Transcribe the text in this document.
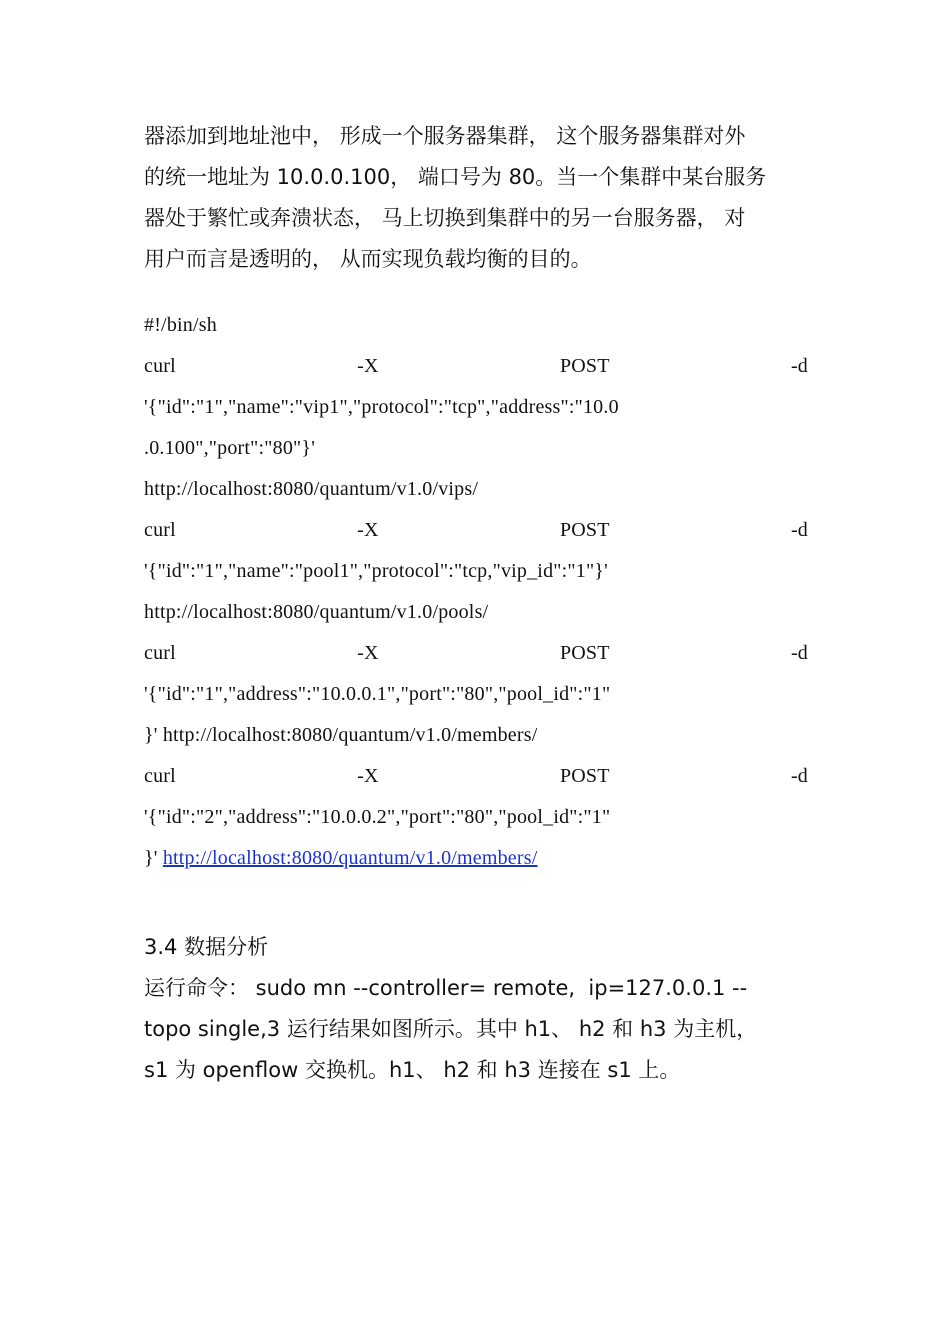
器添加到地址池中， 形成一个服务器集群， 这个服务器集群对外
的统一地址为 10.0.0.100， 端口号为 80。当一个集群中某台服务
器处于繁忙或奔溃状态， 马上切换到集群中的另一台服务器， 对
用户而言是透明的， 从而实现负载均衡的目的。
#!/bin/sh
curl	-X	POST	-d
'{"id":"1","name":"vip1","protocol":"tcp","address":"10.0
.0.100","port":"80"}'
http://localhost:8080/quantum/v1.0/vips/
curl	-X	POST	-d
'{"id":"1","name":"pool1","protocol":"tcp,"vip_id":"1"}'
http://localhost:8080/quantum/v1.0/pools/
curl	-X	POST	-d
'{"id":"1","address":"10.0.0.1","port":"80","pool_id":"1"
}' http://localhost:8080/quantum/v1.0/members/
curl	-X	POST	-d
'{"id":"2","address":"10.0.0.2","port":"80","pool_id":"1"
}' http://localhost:8080/quantum/v1.0/members/
3.4 数据分析
运行命令： sudo mn --controller= remote,  ip=127.0.0.1 --
topo single,3 运行结果如图所示。其中 h1、 h2 和 h3 为主机，
s1 为 openflow 交换机。h1、 h2 和 h3 连接在 s1 上。
